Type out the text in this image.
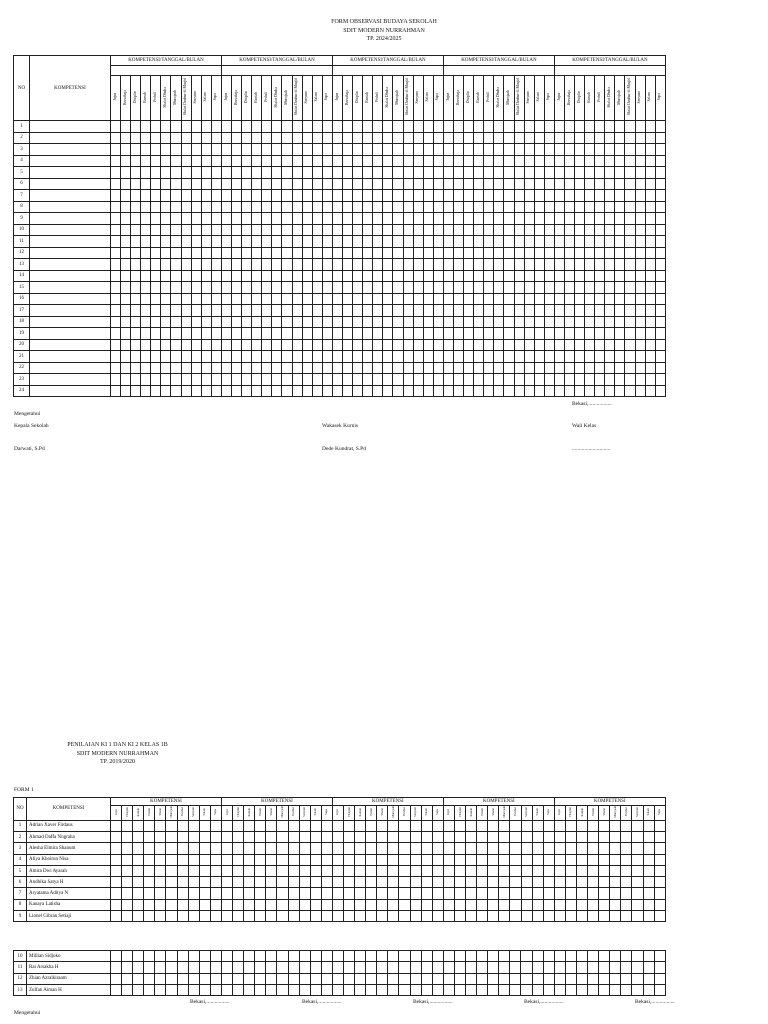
FORM OBSERVASI BUDAYA SEKOLAH
SDIT MODERN NURRAHMAN
TP. 2024/2025
NO	KOMPETENSI	KOMPETENSI/TANGGAL/BULAN											KOMPETENSI/TANGGAL/BULAN											KOMPETENSI/TANGGAL/BULAN											KOMPETENSI/TANGGAL/BULAN											KOMPETENSI/TANGGAL/BULAN										

		Jujur	Bersahaja	Disiplin	Ramah	Peduli	Shalat Dhuha	Murojaah	Shalat Dzuhur di Masjid	Senyum	Salam	Sapa	Jujur	Bersahaja	Disiplin	Ramah	Peduli	Shalat Dhuha	Murojaah	Shalat Dzuhur di Masjid	Senyum	Salam	Sapa	Jujur	Bersahaja	Disiplin	Ramah	Peduli	Shalat Dhuha	Murojaah	Shalat Dzuhur di Masjid	Senyum	Salam	Sapa	Jujur	Bersahaja	Disiplin	Ramah	Peduli	Shalat Dhuha	Murojaah	Shalat Dzuhur di Masjid	Senyum	Salam	Sapa	Jujur	Bersahaja	Disiplin	Ramah	Peduli	Shalat Dhuha	Murojaah	Shalat Dzuhur di Masjid	Senyum	Salam	Sapa
1																																																								
2																																																								
3																																																								
4																																																								
5																																																								
6																																																								
7																																																								
8																																																								
9																																																								
10																																																								
11																																																								
12																																																								
13																																																								
14																																																								
15																																																								
16																																																								
17																																																								
18																																																								
19																																																								
20																																																								
21																																																								
22																																																								
23																																																								
24																																																								
Bekasi,.................
Mengetahui
Kepala Sekolah	Wakasek Kurnis	Wali Kelas
Darwati, S.Pd	Dede Kundrat, S.Pd	............................
PENILAIAN KI 1 DAN KI 2 KELAS 1B
SDIT MODERN NURRAHMAN
TP. 2019/2020
FORM 1
NO	KOMPETENSI	KOMPETENSI										KOMPETENSI										KOMPETENSI										KOMPETENSI										KOMPETENSI									
		Jujur	Disiplin	Ramah	Peduli	Shalat	Murojaah	Dzuhur	Senyum	Salam	Sapa	Jujur	Disiplin	Ramah	Peduli	Shalat	Murojaah	Dzuhur	Senyum	Salam	Sapa	Jujur	Disiplin	Ramah	Peduli	Shalat	Murojaah	Dzuhur	Senyum	Salam	Sapa	Jujur	Disiplin	Ramah	Peduli	Shalat	Murojaah	Dzuhur	Senyum	Salam	Sapa	Jujur	Disiplin	Ramah	Peduli	Shalat	Murojaah	Dzuhur	Senyum	Salam	Sapa
1	Adrian Xaver Firdaus																																																		
2	Ahmad Daffa Nugraha																																																		
3	Alesha Elmira Shanum																																																		
4	Aliya Khoirun Nisa																																																		
5	Amira Dwi Ayarah																																																		
6	Andhika Satya H																																																		
7	Aryatama Aditya N																																																		
8	Kanaya Latisha																																																		
9	Lionel Gibran Setiaji																																																		
10	Millian Sidjoko																																																		
11	Rai Arsakha H																																																		
12	Zhian Azralkiraam																																																		
13	Zulfan Aiman H																																																		
Bekasi,.................	Bekasi,.................	Bekasi,.................	Bekasi,.................	Bekasi,.................
Mengetahui
